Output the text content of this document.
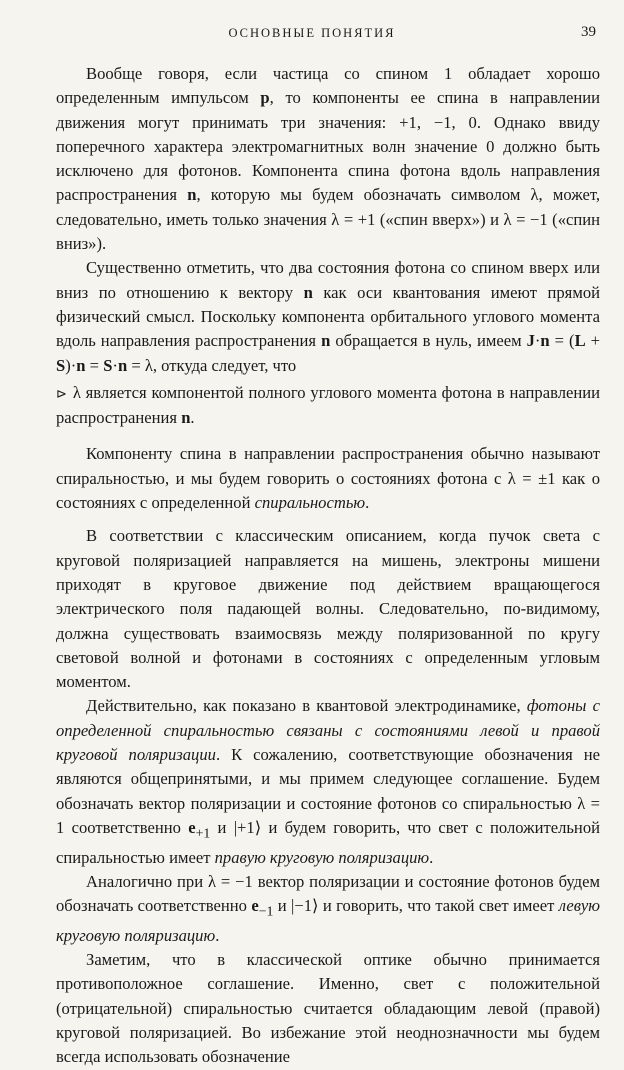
ОСНОВНЫЕ ПОНЯТИЯ	39

Вообще говоря, если частица со спином 1 обладает хорошо определенным импульсом p, то компоненты ее спина в направлении движения могут принимать три значения: +1, −1, 0. Однако ввиду поперечного характера электромагнитных волн значение 0 должно быть исключено для фотонов. Компонента спина фотона вдоль направления распространения n, которую мы будем обозначать символом λ, может, следовательно, иметь только значения λ = +1 («спин вверх») и λ = −1 («спин вниз»).

Существенно отметить, что два состояния фотона со спином вверх или вниз по отношению к вектору n как оси квантования имеют прямой физический смысл. Поскольку компонента орбитального углового момента вдоль направления распространения n обращается в нуль, имеем J·n = (L + S)·n = S·n = λ, откуда следует, что

⊳ λ является компонентой полного углового момента фотона в направлении распространения n.

Компоненту спина в направлении распространения обычно называют спиральностью, и мы будем говорить о состояниях фотона с λ = ±1 как о состояниях с определенной спиральностью.

В соответствии с классическим описанием, когда пучок света с круговой поляризацией направляется на мишень, электроны мишени приходят в круговое движение под действием вращающегося электрического поля падающей волны. Следовательно, по-видимому, должна существовать взаимосвязь между поляризованной по кругу световой волной и фотонами в состояниях с определенным угловым моментом.

Действительно, как показано в квантовой электродинамике, фотоны с определенной спиральностью связаны с состояниями левой и правой круговой поляризации. К сожалению, соответствующие обозначения не являются общепринятыми, и мы примем следующее соглашение. Будем обозначать вектор поляризации и состояние фотонов со спиральностью λ = 1 соответственно $e_{+1}$ и |+1⟩ и будем говорить, что свет с положительной спиральностью имеет правую круговую поляризацию.

Аналогично при λ = −1 вектор поляризации и состояние фотонов будем обозначать соответственно $e_{-1}$ и |−1⟩ и говорить, что такой свет имеет левую круговую поляризацию.

Заметим, что в классической оптике обычно принимается противоположное соглашение. Именно, свет с положительной (отрицательной) спиральностью считается обладающим левой (правой) круговой поляризацией. Во избежание этой неоднозначности мы будем всегда использовать обозначение
